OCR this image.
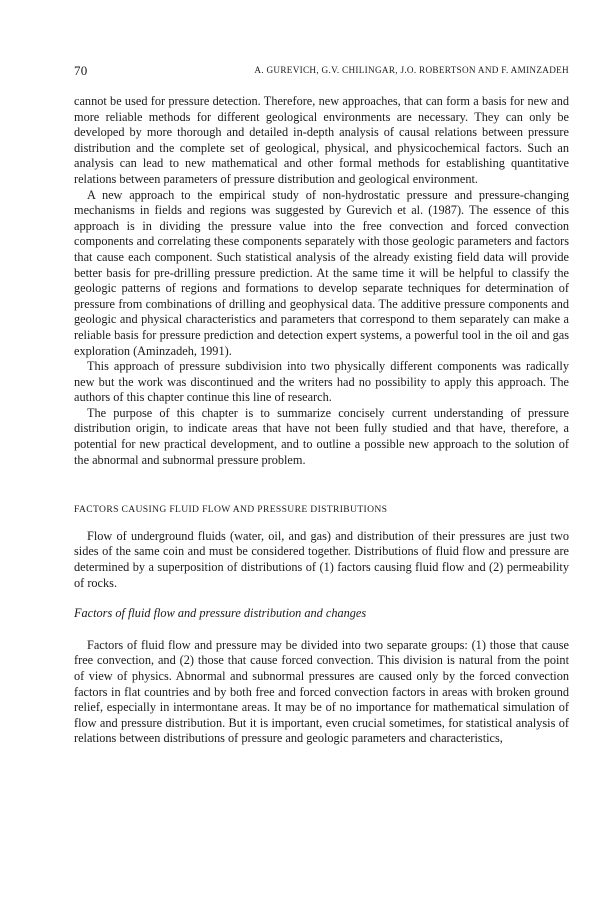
70	A. GUREVICH, G.V. CHILINGAR, J.O. ROBERTSON AND F. AMINZADEH

cannot be used for pressure detection. Therefore, new approaches, that can form a basis for new and more reliable methods for different geological environments are necessary. They can only be developed by more thorough and detailed in-depth analysis of causal relations between pressure distribution and the complete set of geological, physical, and physicochemical factors. Such an analysis can lead to new mathematical and other formal methods for establishing quantitative relations between parameters of pressure distribution and geological environment.

A new approach to the empirical study of non-hydrostatic pressure and pressure-changing mechanisms in fields and regions was suggested by Gurevich et al. (1987). The essence of this approach is in dividing the pressure value into the free convection and forced convection components and correlating these components separately with those geologic parameters and factors that cause each component. Such statistical analysis of the already existing field data will provide better basis for pre-drilling pressure prediction. At the same time it will be helpful to classify the geologic patterns of regions and formations to develop separate techniques for determination of pressure from combinations of drilling and geophysical data. The additive pressure components and geologic and physical characteristics and parameters that correspond to them separately can make a reliable basis for pressure prediction and detection expert systems, a powerful tool in the oil and gas exploration (Aminzadeh, 1991).

This approach of pressure subdivision into two physically different components was radically new but the work was discontinued and the writers had no possibility to apply this approach. The authors of this chapter continue this line of research.

The purpose of this chapter is to summarize concisely current understanding of pressure distribution origin, to indicate areas that have not been fully studied and that have, therefore, a potential for new practical development, and to outline a possible new approach to the solution of the abnormal and subnormal pressure problem.

FACTORS CAUSING FLUID FLOW AND PRESSURE DISTRIBUTIONS

Flow of underground fluids (water, oil, and gas) and distribution of their pressures are just two sides of the same coin and must be considered together. Distributions of fluid flow and pressure are determined by a superposition of distributions of (1) factors causing fluid flow and (2) permeability of rocks.

Factors of fluid flow and pressure distribution and changes

Factors of fluid flow and pressure may be divided into two separate groups: (1) those that cause free convection, and (2) those that cause forced convection. This division is natural from the point of view of physics. Abnormal and subnormal pressures are caused only by the forced convection factors in flat countries and by both free and forced convection factors in areas with broken ground relief, especially in intermontane areas. It may be of no importance for mathematical simulation of flow and pressure distribution. But it is important, even crucial sometimes, for statistical analysis of relations between distributions of pressure and geologic parameters and characteristics,
